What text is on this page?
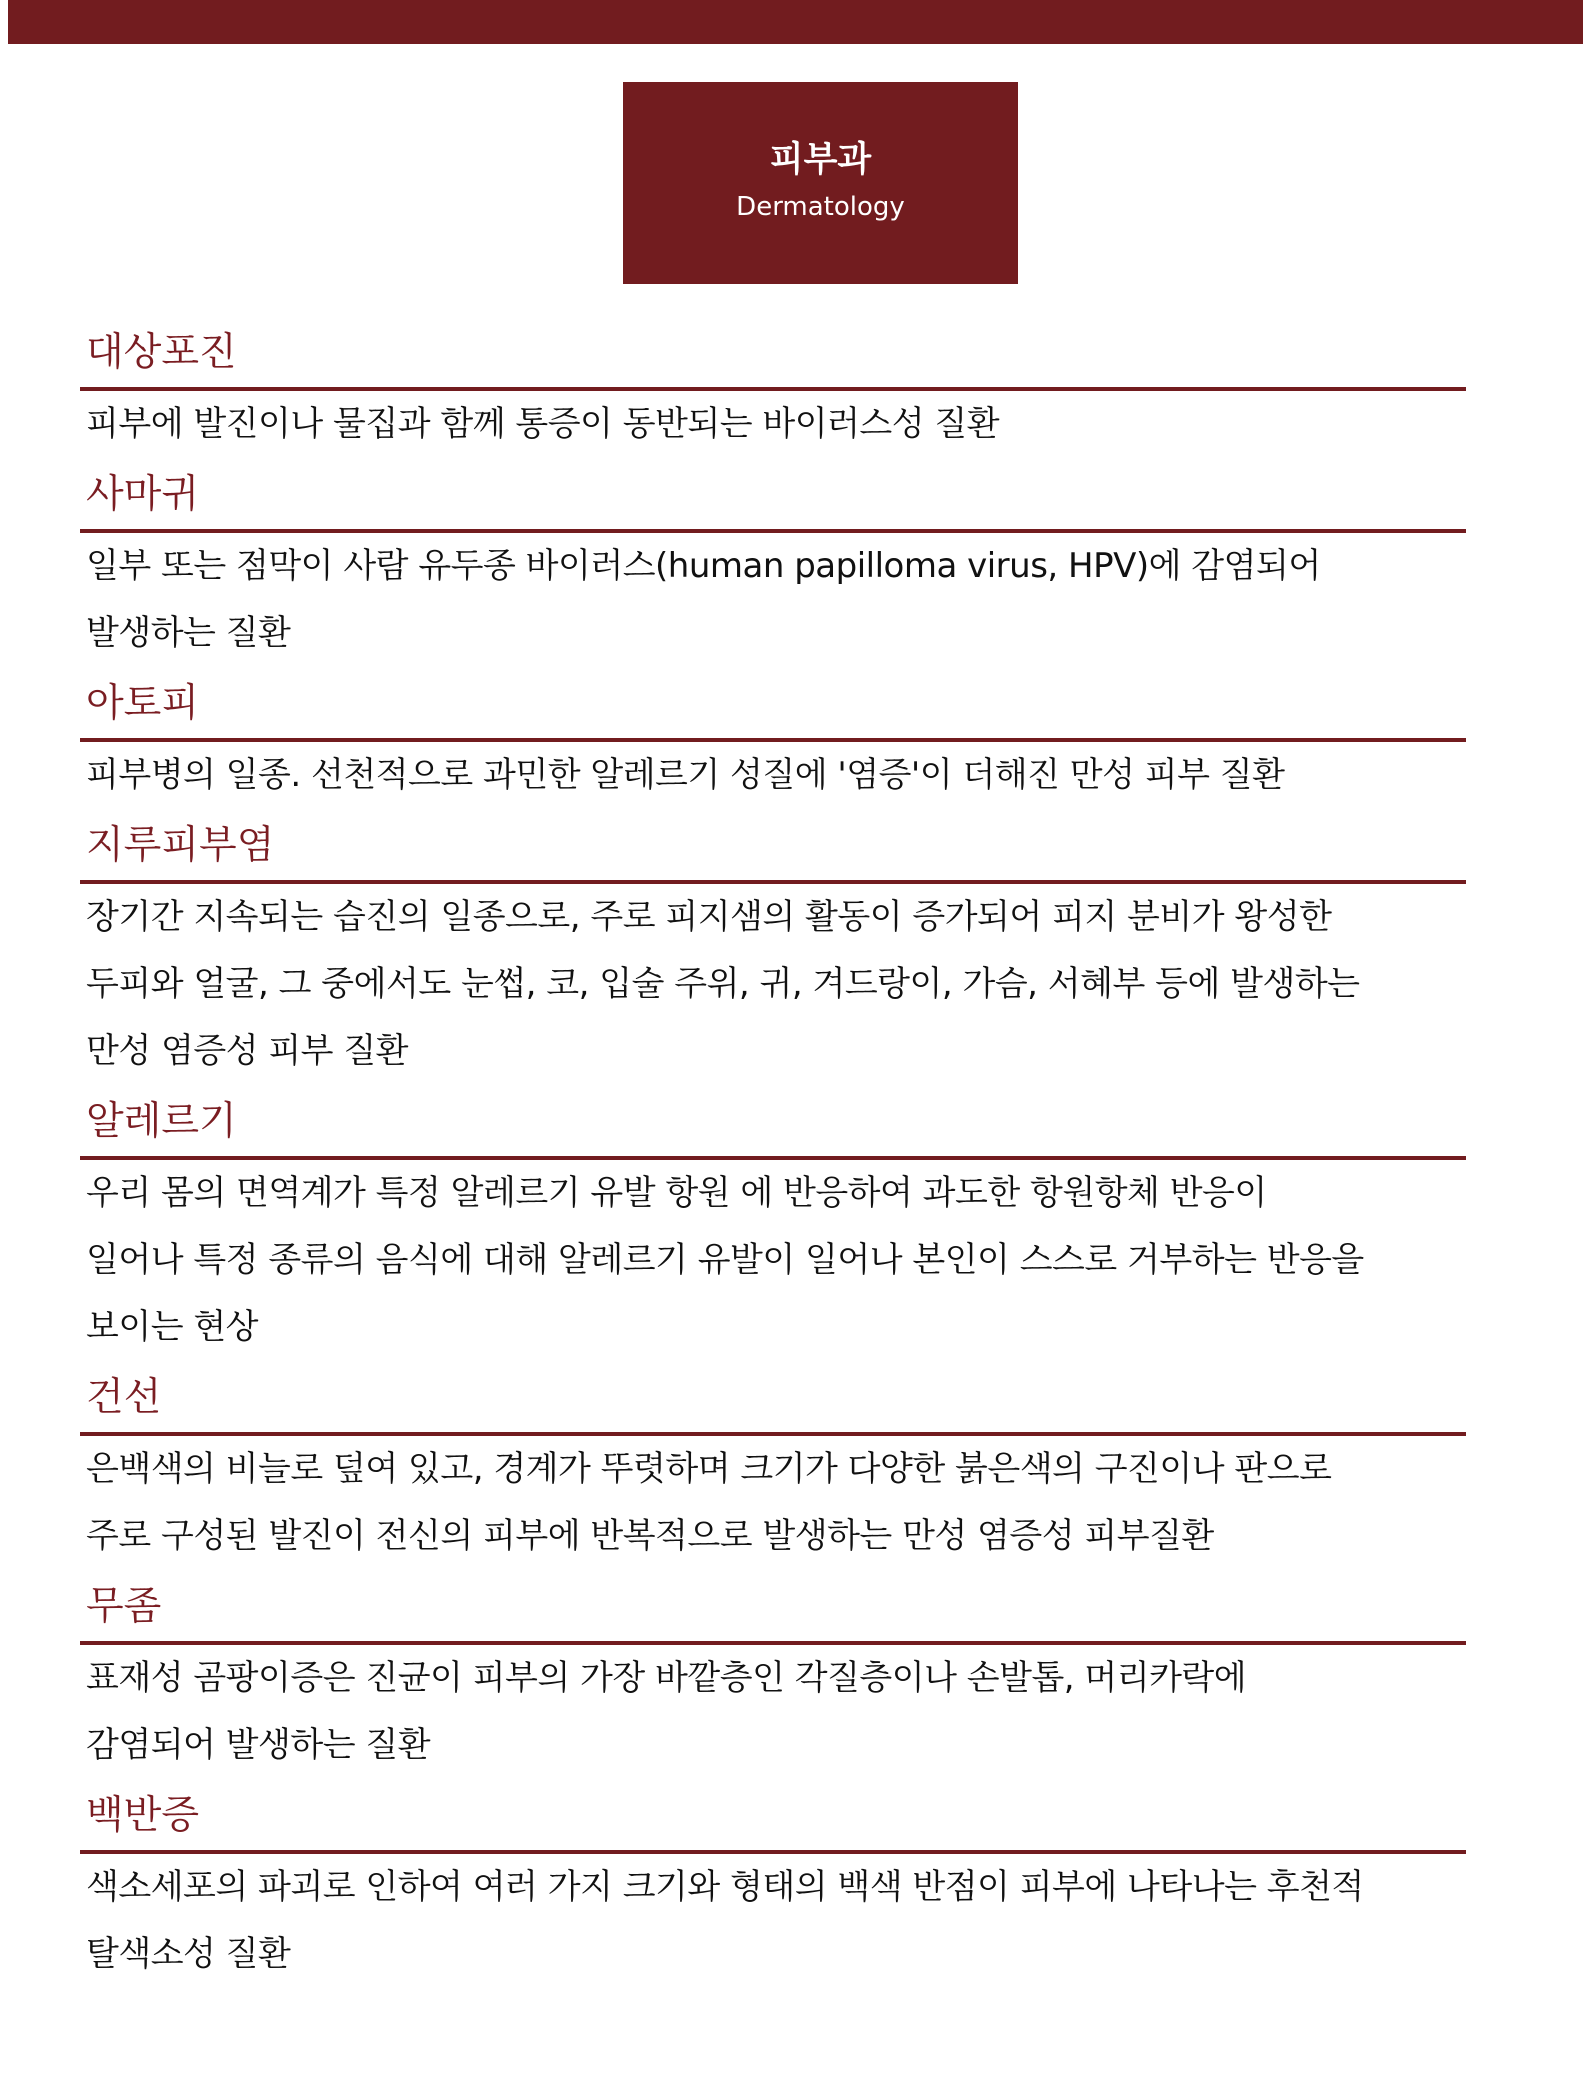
피부과
Dermatology
대상포진
피부에 발진이나 물집과 함께 통증이 동반되는 바이러스성 질환
사마귀
일부 또는 점막이 사람 유두종 바이러스(human papilloma virus, HPV)에 감염되어
발생하는 질환
아토피
피부병의 일종. 선천적으로 과민한 알레르기 성질에 '염증'이 더해진 만성 피부 질환
지루피부염
장기간 지속되는 습진의 일종으로, 주로 피지샘의 활동이 증가되어 피지 분비가 왕성한
두피와 얼굴, 그 중에서도 눈썹, 코, 입술 주위, 귀, 겨드랑이, 가슴, 서혜부 등에 발생하는
만성 염증성 피부 질환
알레르기
우리 몸의 면역계가 특정 알레르기 유발 항원 에 반응하여 과도한 항원항체 반응이
일어나 특정 종류의 음식에 대해 알레르기 유발이 일어나 본인이 스스로 거부하는 반응을
보이는 현상
건선
은백색의 비늘로 덮여 있고, 경계가 뚜렷하며 크기가 다양한 붉은색의 구진이나 판으로
주로 구성된 발진이 전신의 피부에 반복적으로 발생하는 만성 염증성 피부질환
무좀
표재성 곰팡이증은 진균이 피부의 가장 바깥층인 각질층이나 손발톱, 머리카락에
감염되어 발생하는 질환
백반증
색소세포의 파괴로 인하여 여러 가지 크기와 형태의 백색 반점이 피부에 나타나는 후천적
탈색소성 질환
